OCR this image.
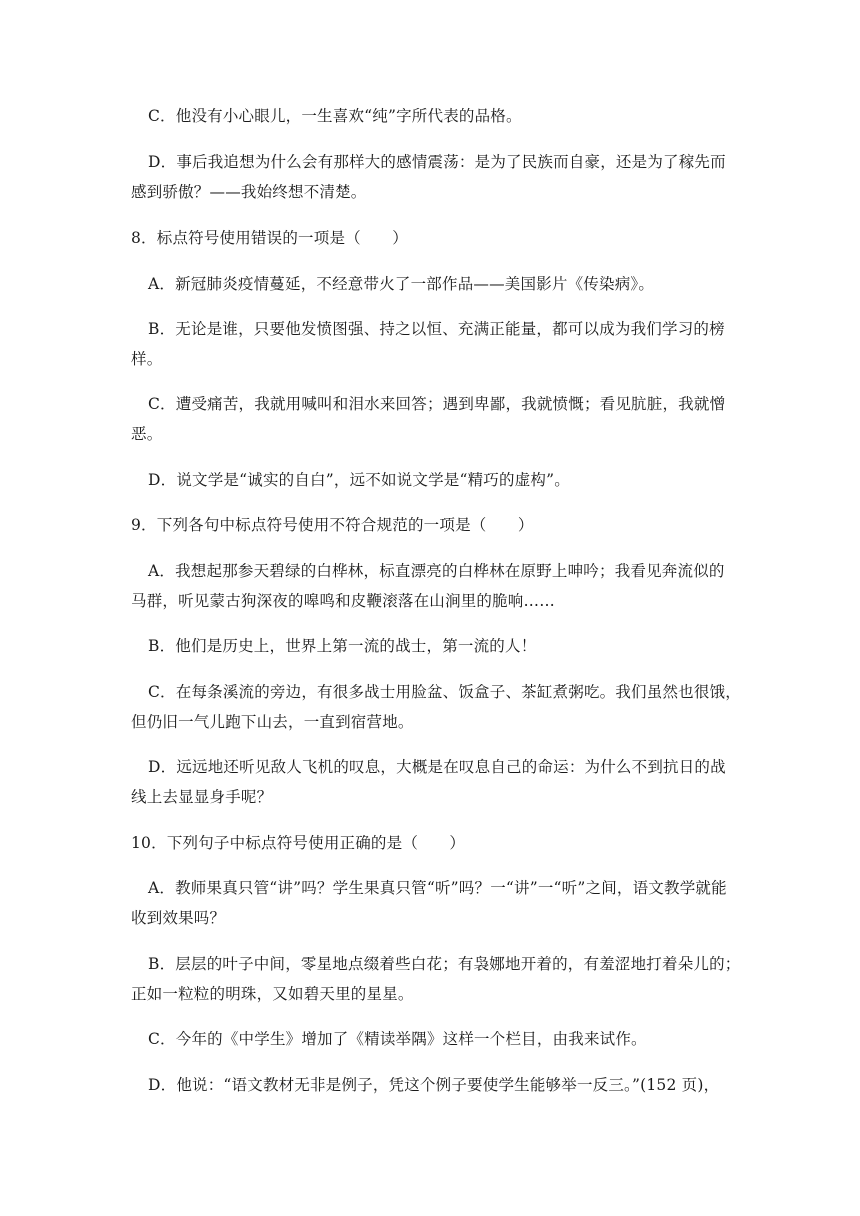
C．他没有小心眼儿，一生喜欢“纯”字所代表的品格。
D．事后我追想为什么会有那样大的感情震荡：是为了民族而自豪，还是为了稼先而
感到骄傲？——我始终想不清楚。
8．标点符号使用错误的一项是（　　）
A．新冠肺炎疫情蔓延，不经意带火了一部作品——美国影片《传染病》。
B．无论是谁，只要他发愤图强、持之以恒、充满正能量，都可以成为我们学习的榜
样。
C．遭受痛苦，我就用喊叫和泪水来回答；遇到卑鄙，我就愤慨；看见肮脏，我就憎
恶。
D．说文学是“诚实的自白”，远不如说文学是“精巧的虚构”。
9．下列各句中标点符号使用不符合规范的一项是（　　）
A．我想起那参天碧绿的白桦林，标直漂亮的白桦林在原野上呻吟；我看见奔流似的
马群，听见蒙古狗深夜的嗥鸣和皮鞭滚落在山涧里的脆响……
B．他们是历史上，世界上第一流的战士，第一流的人！
C．在每条溪流的旁边，有很多战士用脸盆、饭盒子、茶缸煮粥吃。我们虽然也很饿，
但仍旧一气儿跑下山去，一直到宿营地。
D．远远地还听见敌人飞机的叹息，大概是在叹息自己的命运：为什么不到抗日的战
线上去显显身手呢？
10．下列句子中标点符号使用正确的是（　　）
A．教师果真只管“讲”吗？学生果真只管“听”吗？一“讲”一“听”之间，语文教学就能
收到效果吗？
B．层层的叶子中间，零星地点缀着些白花；有袅娜地开着的，有羞涩地打着朵儿的；
正如一粒粒的明珠，又如碧天里的星星。
C．今年的《中学生》增加了《精读举隅》这样一个栏目，由我来试作。
D．他说：“语文教材无非是例子，凭这个例子要使学生能够举一反三。”(152 页)，
